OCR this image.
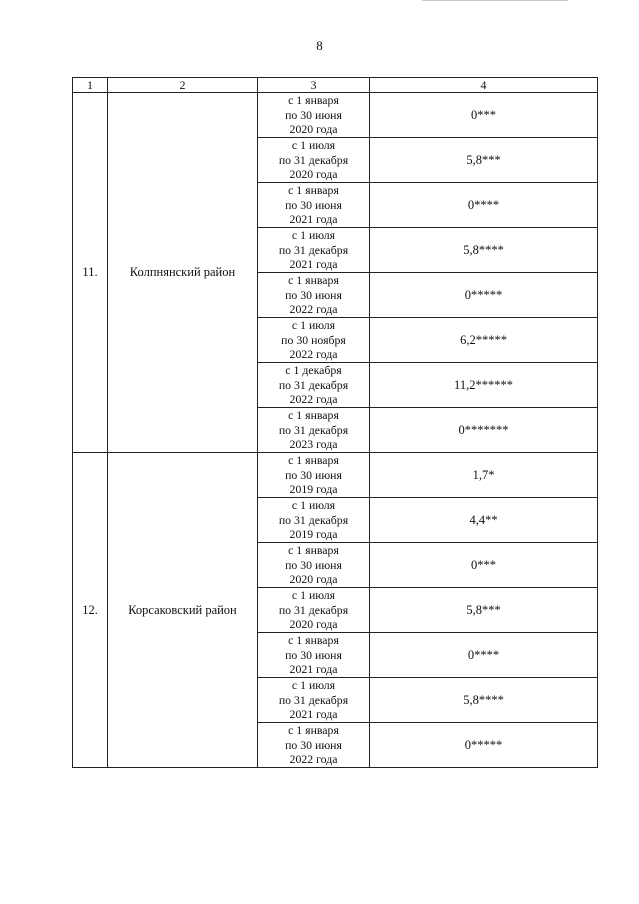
8
1	2	3	4
11.	Колпнянский район	с 1 января
по 30 июня
2020 года	0***

		с 1 июля
по 31 декабря
2020 года	5,8***

		с 1 января
по 30 июня
2021 года	0****

		с 1 июля
по 31 декабря
2021 года	5,8****

		с 1 января
по 30 июня
2022 года	0*****

		с 1 июля
по 30 ноября
2022 года	6,2*****

		с 1 декабря
по 31 декабря
2022 года	11,2******

		с 1 января
по 31 декабря
2023 года	0*******
12.	Корсаковский район	с 1 января
по 30 июня
2019 года	1,7*

		с 1 июля
по 31 декабря
2019 года	4,4**

		с 1 января
по 30 июня
2020 года	0***

		с 1 июля
по 31 декабря
2020 года	5,8***

		с 1 января
по 30 июня
2021 года	0****

		с 1 июля
по 31 декабря
2021 года	5,8****

		с 1 января
по 30 июня
2022 года	0*****
